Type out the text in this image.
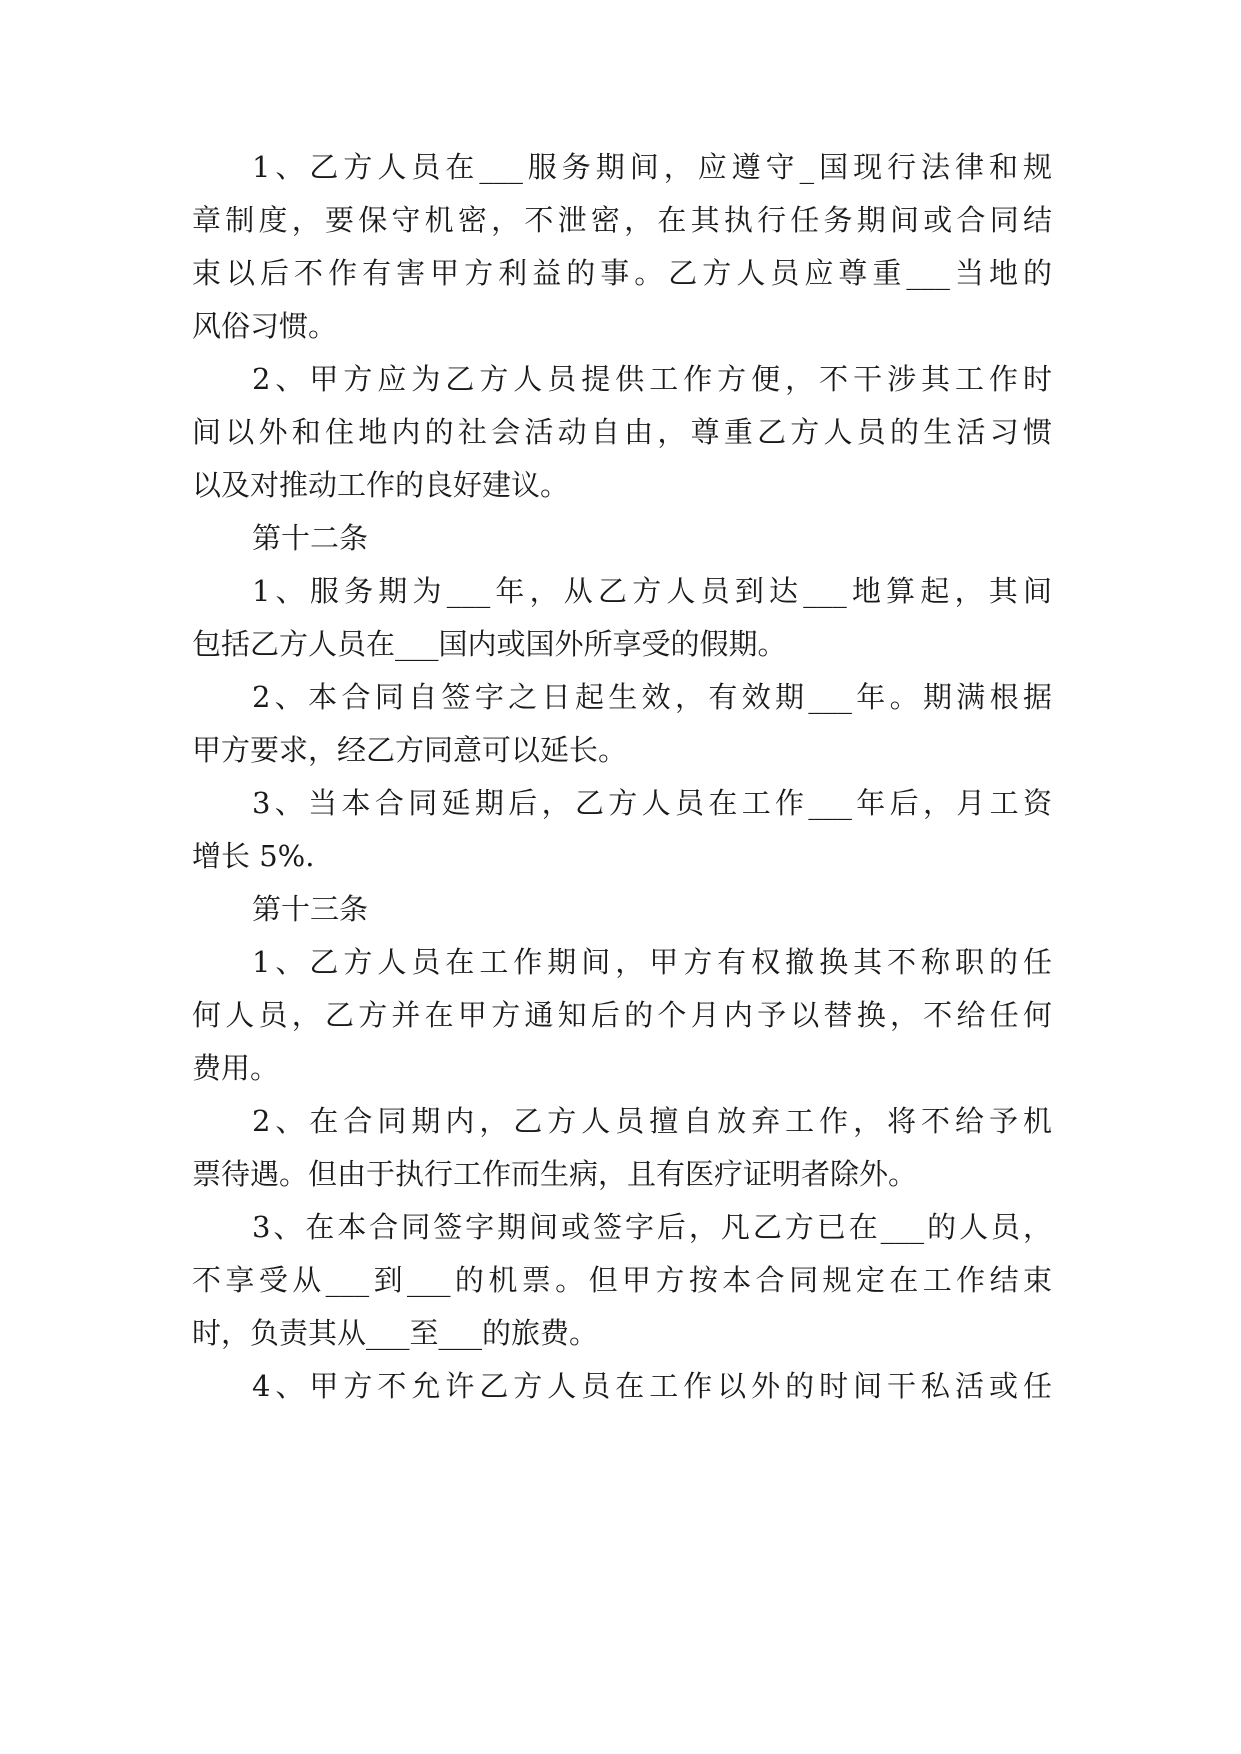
1、乙方人员在___服务期间，应遵守_国现行法律和规
章制度，要保守机密，不泄密，在其执行任务期间或合同结
束以后不作有害甲方利益的事。乙方人员应尊重___当地的
风俗习惯。
2、甲方应为乙方人员提供工作方便，不干涉其工作时
间以外和住地内的社会活动自由，尊重乙方人员的生活习惯
以及对推动工作的良好建议。
第十二条
1、服务期为___年，从乙方人员到达___地算起，其间
包括乙方人员在___国内或国外所享受的假期。
2、本合同自签字之日起生效，有效期___年。期满根据
甲方要求，经乙方同意可以延长。
3、当本合同延期后，乙方人员在工作___年后，月工资
增长 5%.
第十三条
1、乙方人员在工作期间，甲方有权撤换其不称职的任
何人员，乙方并在甲方通知后的个月内予以替换，不给任何
费用。
2、在合同期内，乙方人员擅自放弃工作，将不给予机
票待遇。但由于执行工作而生病，且有医疗证明者除外。
3、在本合同签字期间或签字后，凡乙方已在___的人员，
不享受从___到___的机票。但甲方按本合同规定在工作结束
时，负责其从___至___的旅费。
4、甲方不允许乙方人员在工作以外的时间干私活或任
